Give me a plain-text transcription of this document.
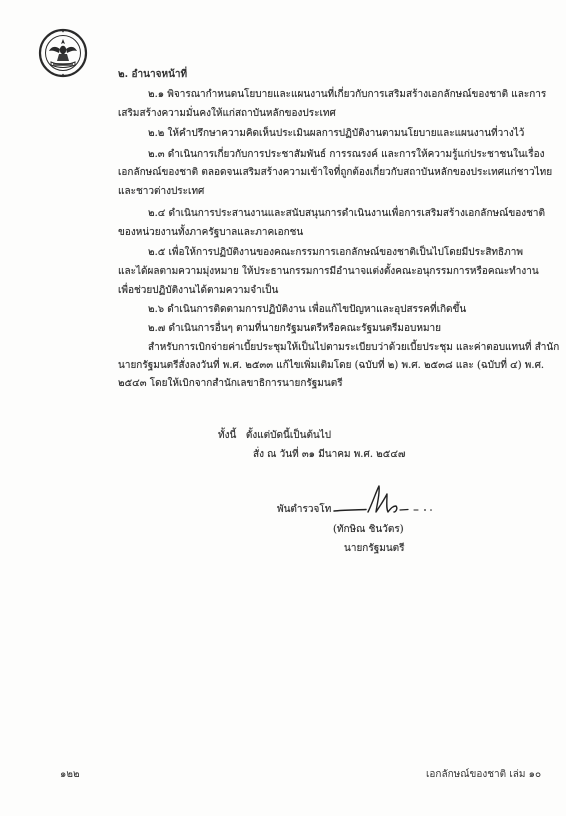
๒. อำนาจหน้าที่
๒.๑ พิจารณากำหนดนโยบายและแผนงานที่เกี่ยวกับการเสริมสร้างเอกลักษณ์ของชาติ และการ
เสริมสร้างความมั่นคงให้แก่สถาบันหลักของประเทศ
๒.๒ ให้คำปรึกษาความคิดเห็นประเมินผลการปฏิบัติงานตามนโยบายและแผนงานที่วางไว้
๒.๓ ดำเนินการเกี่ยวกับการประชาสัมพันธ์ การรณรงค์ และการให้ความรู้แก่ประชาชนในเรื่อง
เอกลักษณ์ของชาติ ตลอดจนเสริมสร้างความเข้าใจที่ถูกต้องเกี่ยวกับสถาบันหลักของประเทศแก่ชาวไทย
และชาวต่างประเทศ
๒.๔ ดำเนินการประสานงานและสนับสนุนการดำเนินงานเพื่อการเสริมสร้างเอกลักษณ์ของชาติ
ของหน่วยงานทั้งภาครัฐบาลและภาคเอกชน
๒.๕ เพื่อให้การปฏิบัติงานของคณะกรรมการเอกลักษณ์ของชาติเป็นไปโดยมีประสิทธิภาพ
และได้ผลตามความมุ่งหมาย ให้ประธานกรรมการมีอำนาจแต่งตั้งคณะอนุกรรมการหรือคณะทำงาน
เพื่อช่วยปฏิบัติงานได้ตามความจำเป็น
๒.๖ ดำเนินการติดตามการปฏิบัติงาน เพื่อแก้ไขปัญหาและอุปสรรคที่เกิดขึ้น
๒.๗ ดำเนินการอื่นๆ ตามที่นายกรัฐมนตรีหรือคณะรัฐมนตรีมอบหมาย
สำหรับการเบิกจ่ายค่าเบี้ยประชุมให้เป็นไปตามระเบียบว่าด้วยเบี้ยประชุม และค่าตอบแทนที่ สำนัก
นายกรัฐมนตรีสั่งลงวันที่ พ.ศ. ๒๕๓๓ แก้ไขเพิ่มเติมโดย (ฉบับที่ ๒) พ.ศ. ๒๕๓๘ และ (ฉบับที่ ๔) พ.ศ.
๒๕๔๓ โดยให้เบิกจากสำนักเลขาธิการนายกรัฐมนตรี
ทั้งนี้   ตั้งแต่บัดนี้เป็นต้นไป
สั่ง ณ วันที่ ๓๑ มีนาคม พ.ศ. ๒๕๔๗
พันตำรวจโท
(ทักษิณ ชินวัตร)
นายกรัฐมนตรี
๑๒๒	เอกลักษณ์ของชาติ เล่ม ๑๐
